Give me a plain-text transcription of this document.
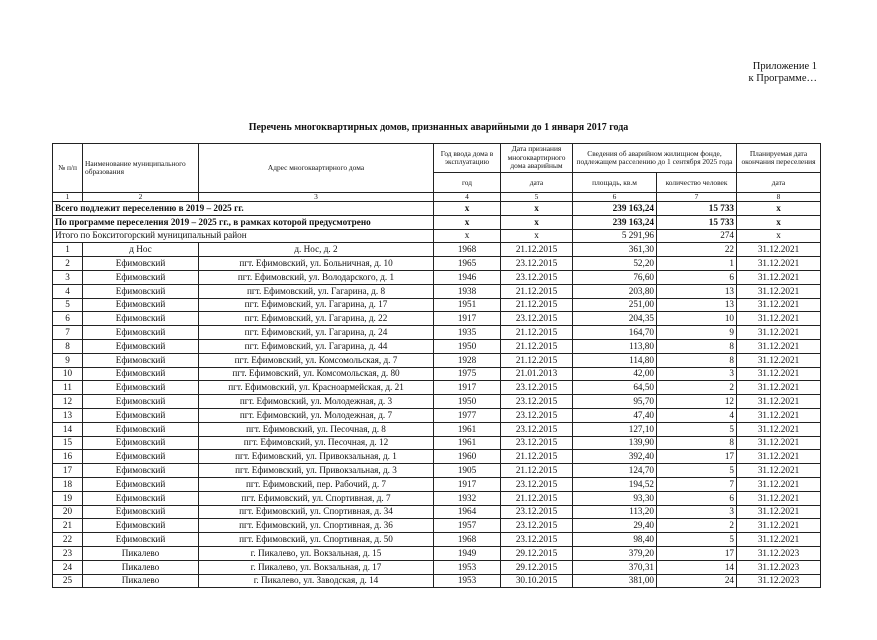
Приложение 1
к Программе…
Перечень многоквартирных домов, признанных аварийными до 1 января 2017 года
№ п/п	Наименование муниципального образования	Адрес многоквартирного дома	Год ввода дома в эксплуатацию	Дата признания многоквартирного дома аварийным	Сведения об аварийном жилищном фонде, подлежащем расселению до 1 сентября 2025 года		Планируемая дата окончания переселения
			год	дата	площадь, кв.м	количество человек	дата
1	2	3	4	5	6	7	8
Всего подлежит переселению в 2019 – 2025 гг.			х	х	239 163,24	15 733	х
По программе переселения 2019 – 2025 гг., в рамках которой предусмотрено			х	х	239 163,24	15 733	х
Итого по Бокситогорский муниципальный район			х	х	5 291,96	274	х
1	д Нос	д. Нос, д. 2	1968	21.12.2015	361,30	22	31.12.2021
2	Ефимовский	пгт. Ефимовский, ул. Больничная, д. 10	1965	23.12.2015	52,20	1	31.12.2021
3	Ефимовский	пгт. Ефимовский, ул. Володарского, д. 1	1946	23.12.2015	76,60	6	31.12.2021
4	Ефимовский	пгт. Ефимовский, ул. Гагарина, д. 8	1938	21.12.2015	203,80	13	31.12.2021
5	Ефимовский	пгт. Ефимовский, ул. Гагарина, д. 17	1951	21.12.2015	251,00	13	31.12.2021
6	Ефимовский	пгт. Ефимовский, ул. Гагарина, д. 22	1917	23.12.2015	204,35	10	31.12.2021
7	Ефимовский	пгт. Ефимовский, ул. Гагарина, д. 24	1935	21.12.2015	164,70	9	31.12.2021
8	Ефимовский	пгт. Ефимовский, ул. Гагарина, д. 44	1950	21.12.2015	113,80	8	31.12.2021
9	Ефимовский	пгт. Ефимовский, ул. Комсомольская, д. 7	1928	21.12.2015	114,80	8	31.12.2021
10	Ефимовский	пгт. Ефимовский, ул. Комсомольская, д. 80	1975	21.01.2013	42,00	3	31.12.2021
11	Ефимовский	пгт. Ефимовский, ул. Красноармейская, д. 21	1917	23.12.2015	64,50	2	31.12.2021
12	Ефимовский	пгт. Ефимовский, ул. Молодежная, д. 3	1950	23.12.2015	95,70	12	31.12.2021
13	Ефимовский	пгт. Ефимовский, ул. Молодежная, д. 7	1977	23.12.2015	47,40	4	31.12.2021
14	Ефимовский	пгт. Ефимовский, ул. Песочная, д. 8	1961	23.12.2015	127,10	5	31.12.2021
15	Ефимовский	пгт. Ефимовский, ул. Песочная, д. 12	1961	23.12.2015	139,90	8	31.12.2021
16	Ефимовский	пгт. Ефимовский, ул. Привокзальная, д. 1	1960	21.12.2015	392,40	17	31.12.2021
17	Ефимовский	пгт. Ефимовский, ул. Привокзальная, д. 3	1905	21.12.2015	124,70	5	31.12.2021
18	Ефимовский	пгт. Ефимовский, пер. Рабочий, д. 7	1917	23.12.2015	194,52	7	31.12.2021
19	Ефимовский	пгт. Ефимовский, ул. Спортивная, д. 7	1932	21.12.2015	93,30	6	31.12.2021
20	Ефимовский	пгт. Ефимовский, ул. Спортивная, д. 34	1964	23.12.2015	113,20	3	31.12.2021
21	Ефимовский	пгт. Ефимовский, ул. Спортивная, д. 36	1957	23.12.2015	29,40	2	31.12.2021
22	Ефимовский	пгт. Ефимовский, ул. Спортивная, д. 50	1968	23.12.2015	98,40	5	31.12.2021
23	Пикалево	г. Пикалево, ул. Вокзальная, д. 15	1949	29.12.2015	379,20	17	31.12.2023
24	Пикалево	г. Пикалево, ул. Вокзальная, д. 17	1953	29.12.2015	370,31	14	31.12.2023
25	Пикалево	г. Пикалево, ул. Заводская, д. 14	1953	30.10.2015	381,00	24	31.12.2023
